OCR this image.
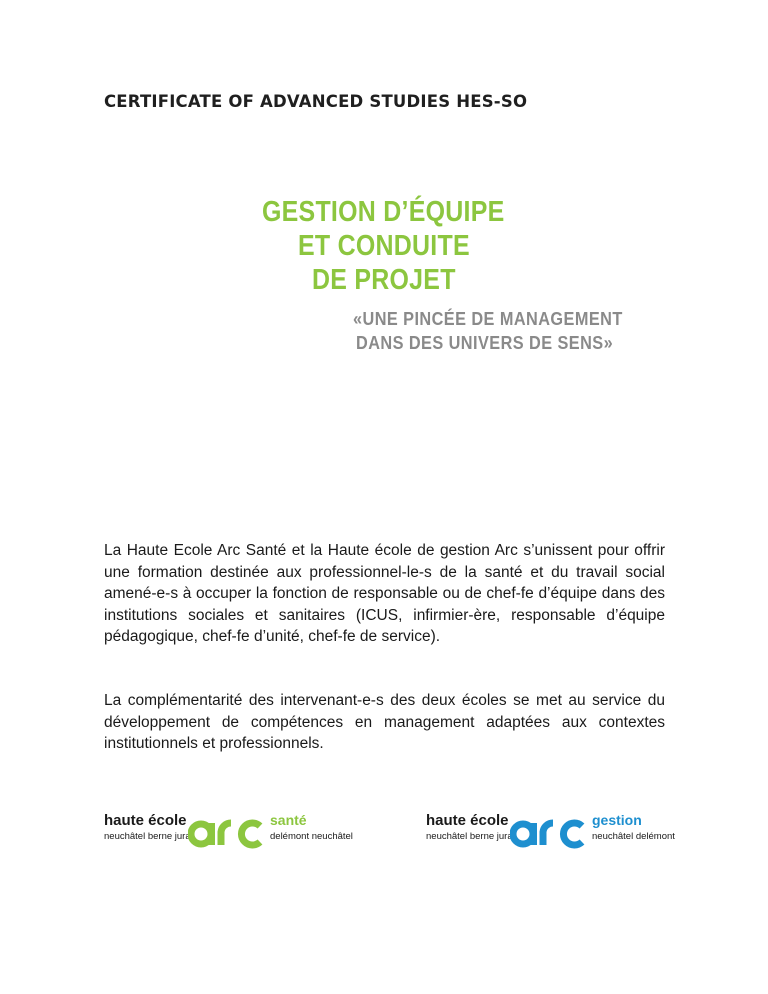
CERTIFICATE OF ADVANCED STUDIES HES-SO
GESTION D’ÉQUIPE
ET CONDUITE
DE PROJET
«UNE PINCÉE DE MANAGEMENT
DANS DES UNIVERS DE SENS»

La Haute Ecole Arc Santé et la Haute école de gestion Arc s’unissent pour offrir une formation destinée aux professionnel-le-s de la santé et du travail social amené-e-s à occuper la fonction de responsable ou de chef-fe d’équipe dans des institutions sociales et sanitaires (ICUS, infirmier-ère, responsable d’équipe pédagogique, chef-fe d’unité, chef-fe de service).

La complémentarité des intervenant-e-s des deux écoles se met au service du développement de compétences en management adaptées aux contextes institutionnels et professionnels.

haute école
neuchâtel berne jura
santé
delémont neuchâtel
haute école
neuchâtel berne jura
gestion
neuchâtel delémont
